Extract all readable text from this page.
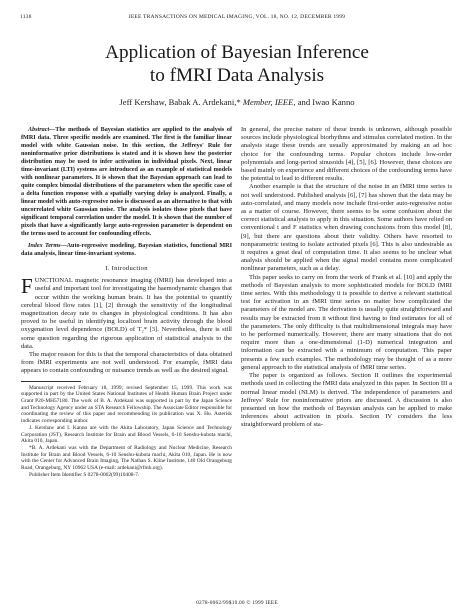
1138	IEEE TRANSACTIONS ON MEDICAL IMAGING, VOL. 18, NO. 12, DECEMBER 1999
Application of Bayesian Inference
to fMRI Data Analysis
Jeff Kershaw, Babak A. Ardekani,* Member, IEEE, and Iwao Kanno
Abstract—The methods of Bayesian statistics are applied to the analysis of fMRI data. Three specific models are examined. The first is the familiar linear model with white Gaussian noise. In this section, the Jeffreys' Rule for noninformative prior distributions is stated and it is shown how the posterior distribution may be used to infer activation in individual pixels. Next, linear time-invariant (LTI) systems are introduced as an example of statistical models with nonlinear parameters. It is shown that the Bayesian approach can lead to quite complex bimodal distributions of the parameters when the specific case of a delta function response with a spatially varying delay is analyzed. Finally, a linear model with auto-regressive noise is discussed as an alternative to that with uncorrelated white Gaussian noise. The analysis isolates those pixels that have significant temporal correlation under the model. It is shown that the number of pixels that have a significantly large auto-regression parameter is dependent on the terms used to account for confounding effects.
Index Terms—Auto-regressive modeling, Bayesian statistics, functional MRI data analysis, linear time-invariant systems.
I. Introduction

FUNCTIONAL magnetic resonance imaging (fMRI) has developed into a useful and important tool for investigating the haemodynamic changes that occur within the working human brain. It has the potential to quantify cerebral blood flow rates [1], [2] through the sensitivity of the longitudinal magnetization decay rate to changes in physiological conditions. It has also proved to be useful in identifying localized brain activity through the blood oxygenation level dependence (BOLD) of T₂* [3]. Nevertheless, there is still some question regarding the rigorous application of statistical analysis to the data.

The major reason for this is that the temporal characteristics of data obtained from fMRI experiments are not well understood. For example, fMRI data appears to contain confounding or nuisance trends as well as the desired signal.

Manuscript received February 18, 1999; revised September 15, 1999. This work was supported in part by the United States National Institutes of Health Human Brain Project under Grant P20-MH57180. The work of B. A. Ardekani was supported in part by the Japan Science and Technology Agency under an STA Research Fellowship. The Associate Editor responsible for coordinating the review of this paper and recommending its publication was X. Hu. Asterisk indicates corresponding author.

J. Kershaw and I. Kanno are with the Akita Laboratory, Japan Science and Technology Corporation (JST), Research Institute for Brain and Blood Vessels, 6-10 Senshu-kubota machi, Akita 010, Japan.

*B. A. Ardekani was with the Department of Radiology and Nuclear Medicine, Research Institute for Brain and Blood Vessels, 6-10 Senshu-kubota machi, Akita 010, Japan. He is now with the Center for Advanced Brain Imaging, The Nathan S. Kline Institute, 140 Old Orangeburg Road, Orangeburg, NY 10962 USA (e-mail: ardekani@rfmh.org).

Publisher Item Identifier S 0278-0062(99)10408-7.

In general, the precise nature of these trends is unknown, although possible sources include physiological biorhythms and stimulus correlated motion. In the analysis stage these trends are usually approximated by making an ad hoc choice for the confounding terms. Popular choices include low-order polynomials and long-period sinusoids [4], [5], [6]. However, these choices are based mainly on experience and different choices of the confounding terms have the potential to lead to different results.

Another example is that the structure of the noise in an fMRI time series is not well understood. Published analysis [6], [7] has shown that the data may be auto-correlated, and many models now include first-order auto-regressive noise as a matter of course. However, there seems to be some confusion about the correct statistical analysis to apply in this situation. Some authors have relied on conventional t and F statistics when drawing conclusions from this model [8], [9], but there are questions about their validity. Others have resorted to nonparametric testing to isolate activated pixels [6]. This is also undesirable as it requires a great deal of computation time. It also seems to be unclear what analysis should be applied when the signal model contains more complicated nonlinear parameters, such as a delay.

This paper seeks to carry on from the work of Frank et al. [10] and apply the methods of Bayesian analysis to more sophisticated models for BOLD fMRI time series. With this methodology it is possible to derive a relevant statistical test for activation in an fMRI time series no matter how complicated the parameters of the model are. The derivation is usually quite straightforward and results may be extracted from it without first having to find estimates for all of the parameters. The only difficulty is that multidimensional integrals may have to be performed numerically. However, there are many situations that do not require more than a one-dimensional (1-D) numerical integration and information can be extracted with a minimum of computation. This paper presents a few such examples. The methodology may be thought of as a more general approach to the statistical analysis of fMRI time series.

The paper is organized as follows. Section II outlines the experimental methods used in collecting the fMRI data analyzed in this paper. In Section III a normal linear model (NLM) is derived. The independence of parameters and Jeffreys' Rule for noninformative priors are discussed. A discussion is also presented on how the methods of Bayesian analysis can be applied to make inferences about activation in pixels. Section IV considers the less straightforward problem of sta-

0278-0062/99$10.00 © 1999 IEEE
